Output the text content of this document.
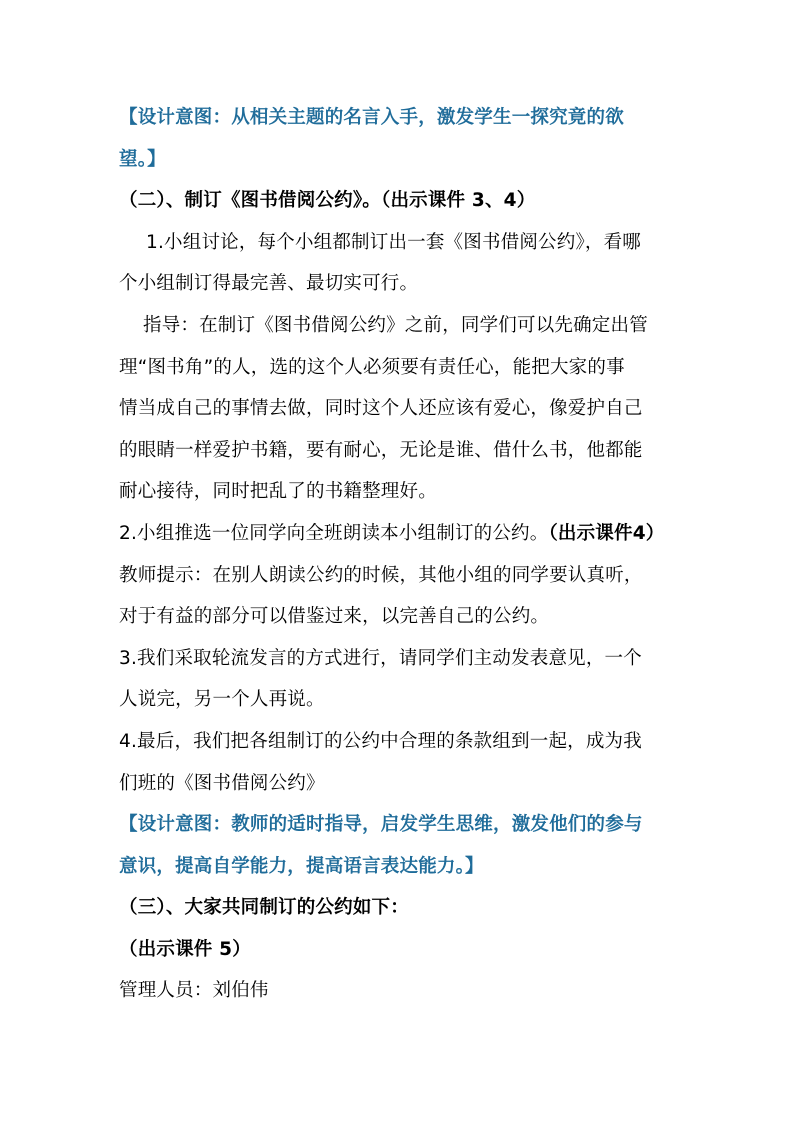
【设计意图：从相关主题的名言入手，激发学生一探究竟的欲
望。】
（二）、制订《图书借阅公约》。（出示课件 3、4）
1.小组讨论，每个小组都制订出一套《图书借阅公约》，看哪
个小组制订得最完善、最切实可行。
指导：在制订《图书借阅公约》之前，同学们可以先确定出管
理“图书角”的人，选的这个人必须要有责任心，能把大家的事
情当成自己的事情去做，同时这个人还应该有爱心，像爱护自己
的眼睛一样爱护书籍，要有耐心，无论是谁、借什么书，他都能
耐心接待，同时把乱了的书籍整理好。
2.小组推选一位同学向全班朗读本小组制订的公约。（出示课件4）
教师提示：在别人朗读公约的时候，其他小组的同学要认真听，
对于有益的部分可以借鉴过来，以完善自己的公约。
3.我们采取轮流发言的方式进行，请同学们主动发表意见，一个
人说完，另一个人再说。
4.最后，我们把各组制订的公约中合理的条款组到一起，成为我
们班的《图书借阅公约》
【设计意图：教师的适时指导，启发学生思维，激发他们的参与
意识，提高自学能力，提高语言表达能力。】
（三）、大家共同制订的公约如下：
（出示课件 5）
管理人员：刘伯伟
